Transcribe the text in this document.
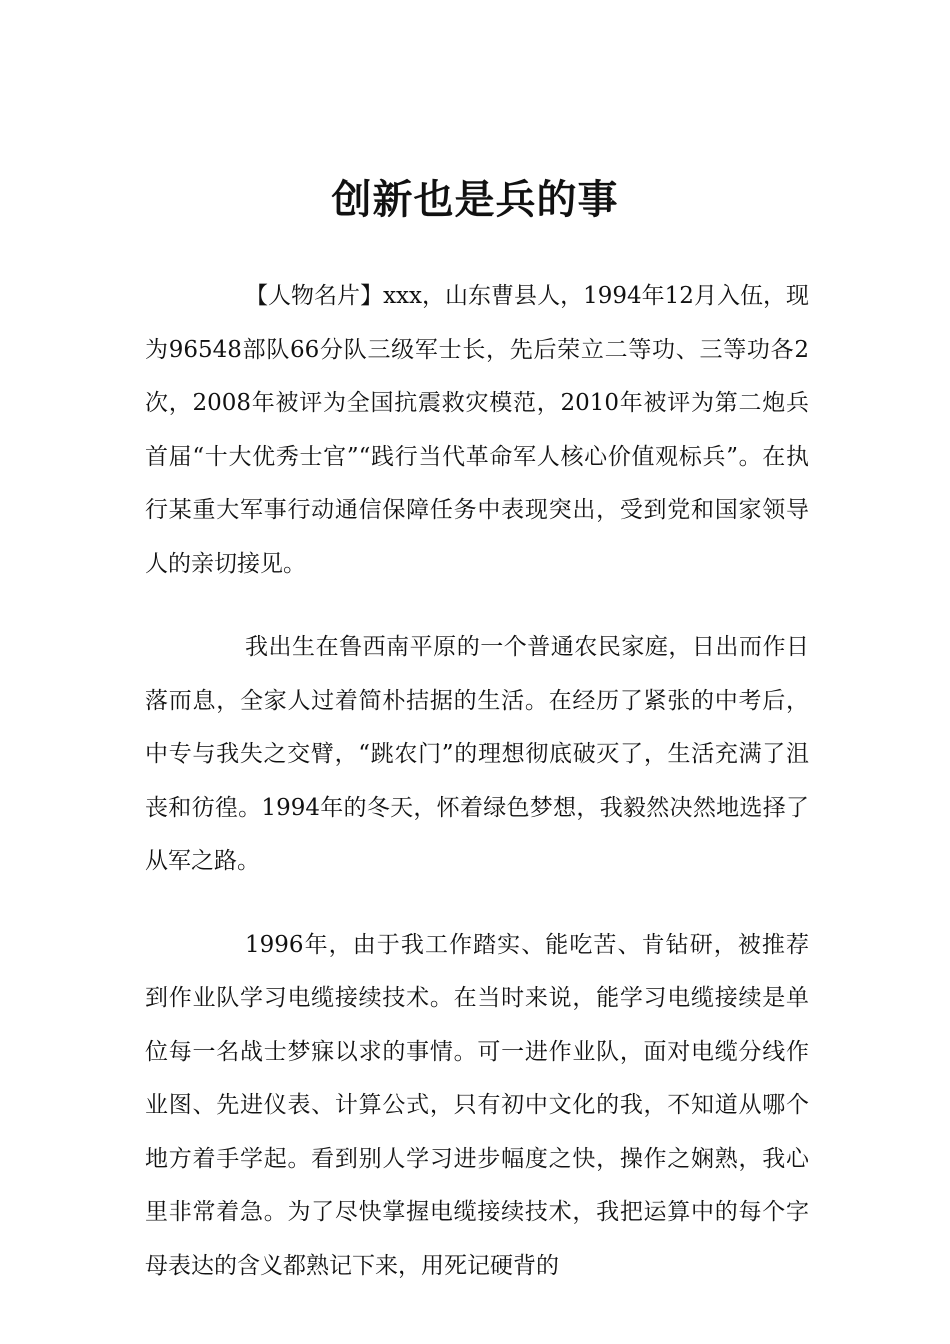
创新也是兵的事

【人物名片】xxx，山东曹县人，1994年12月入伍，现为96548部队66分队三级军士长，先后荣立二等功、三等功各2次，2008年被评为全国抗震救灾模范，2010年被评为第二炮兵首届“十大优秀士官”“践行当代革命军人核心价值观标兵”。在执行某重大军事行动通信保障任务中表现突出，受到党和国家领导人的亲切接见。

我出生在鲁西南平原的一个普通农民家庭，日出而作日落而息，全家人过着简朴拮据的生活。在经历了紧张的中考后，中专与我失之交臂，“跳农门”的理想彻底破灭了，生活充满了沮丧和彷徨。1994年的冬天，怀着绿色梦想，我毅然决然地选择了从军之路。

1996年，由于我工作踏实、能吃苦、肯钻研，被推荐到作业队学习电缆接续技术。在当时来说，能学习电缆接续是单位每一名战士梦寐以求的事情。可一进作业队，面对电缆分线作业图、先进仪表、计算公式，只有初中文化的我，不知道从哪个地方着手学起。看到别人学习进步幅度之快，操作之娴熟，我心里非常着急。为了尽快掌握电缆接续技术，我把运算中的每个字母表达的含义都熟记下来，用死记硬背的
